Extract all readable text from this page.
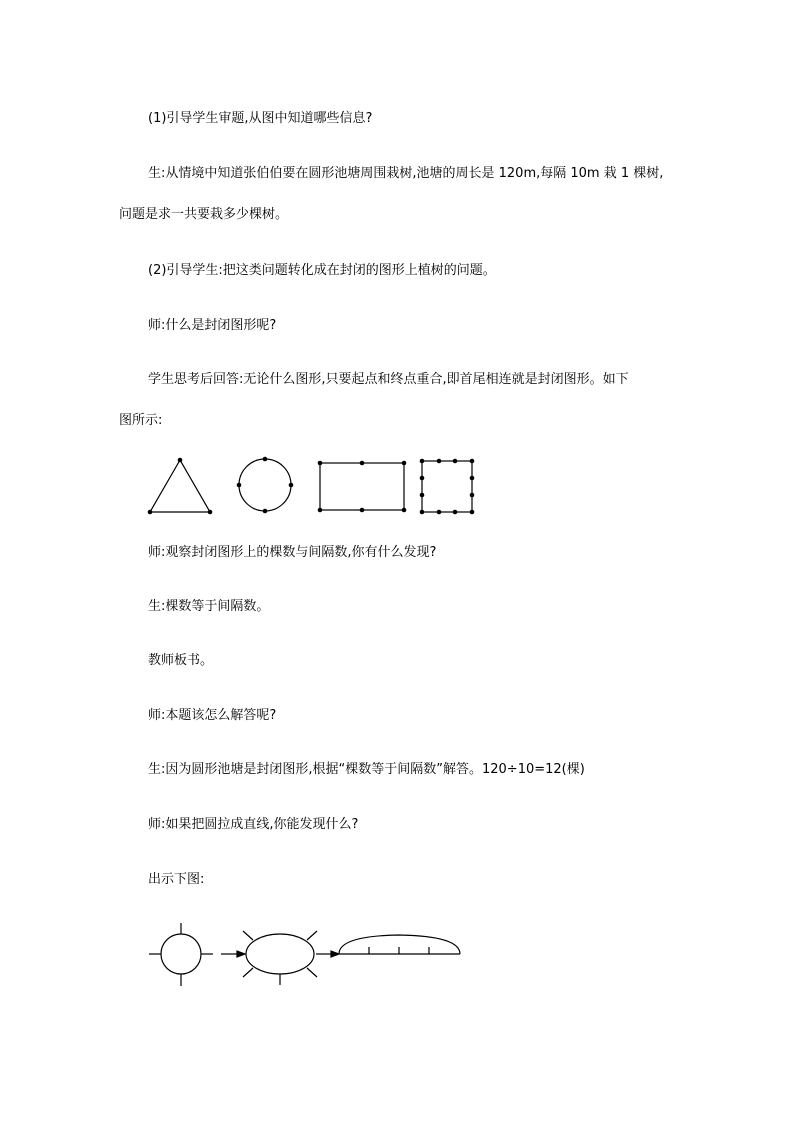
(1)引导学生审题,从图中知道哪些信息?
生:从情境中知道张伯伯要在圆形池塘周围栽树,池塘的周长是 120m,每隔 10m 栽 1 棵树,
问题是求一共要栽多少棵树。
(2)引导学生:把这类问题转化成在封闭的图形上植树的问题。
师:什么是封闭图形呢?
学生思考后回答:无论什么图形,只要起点和终点重合,即首尾相连就是封闭图形。如下
图所示:
师:观察封闭图形上的棵数与间隔数,你有什么发现?
生:棵数等于间隔数。
教师板书。
师:本题该怎么解答呢?
生:因为圆形池塘是封闭图形,根据“棵数等于间隔数”解答。120÷10=12(棵)
师:如果把圆拉成直线,你能发现什么?
出示下图:
